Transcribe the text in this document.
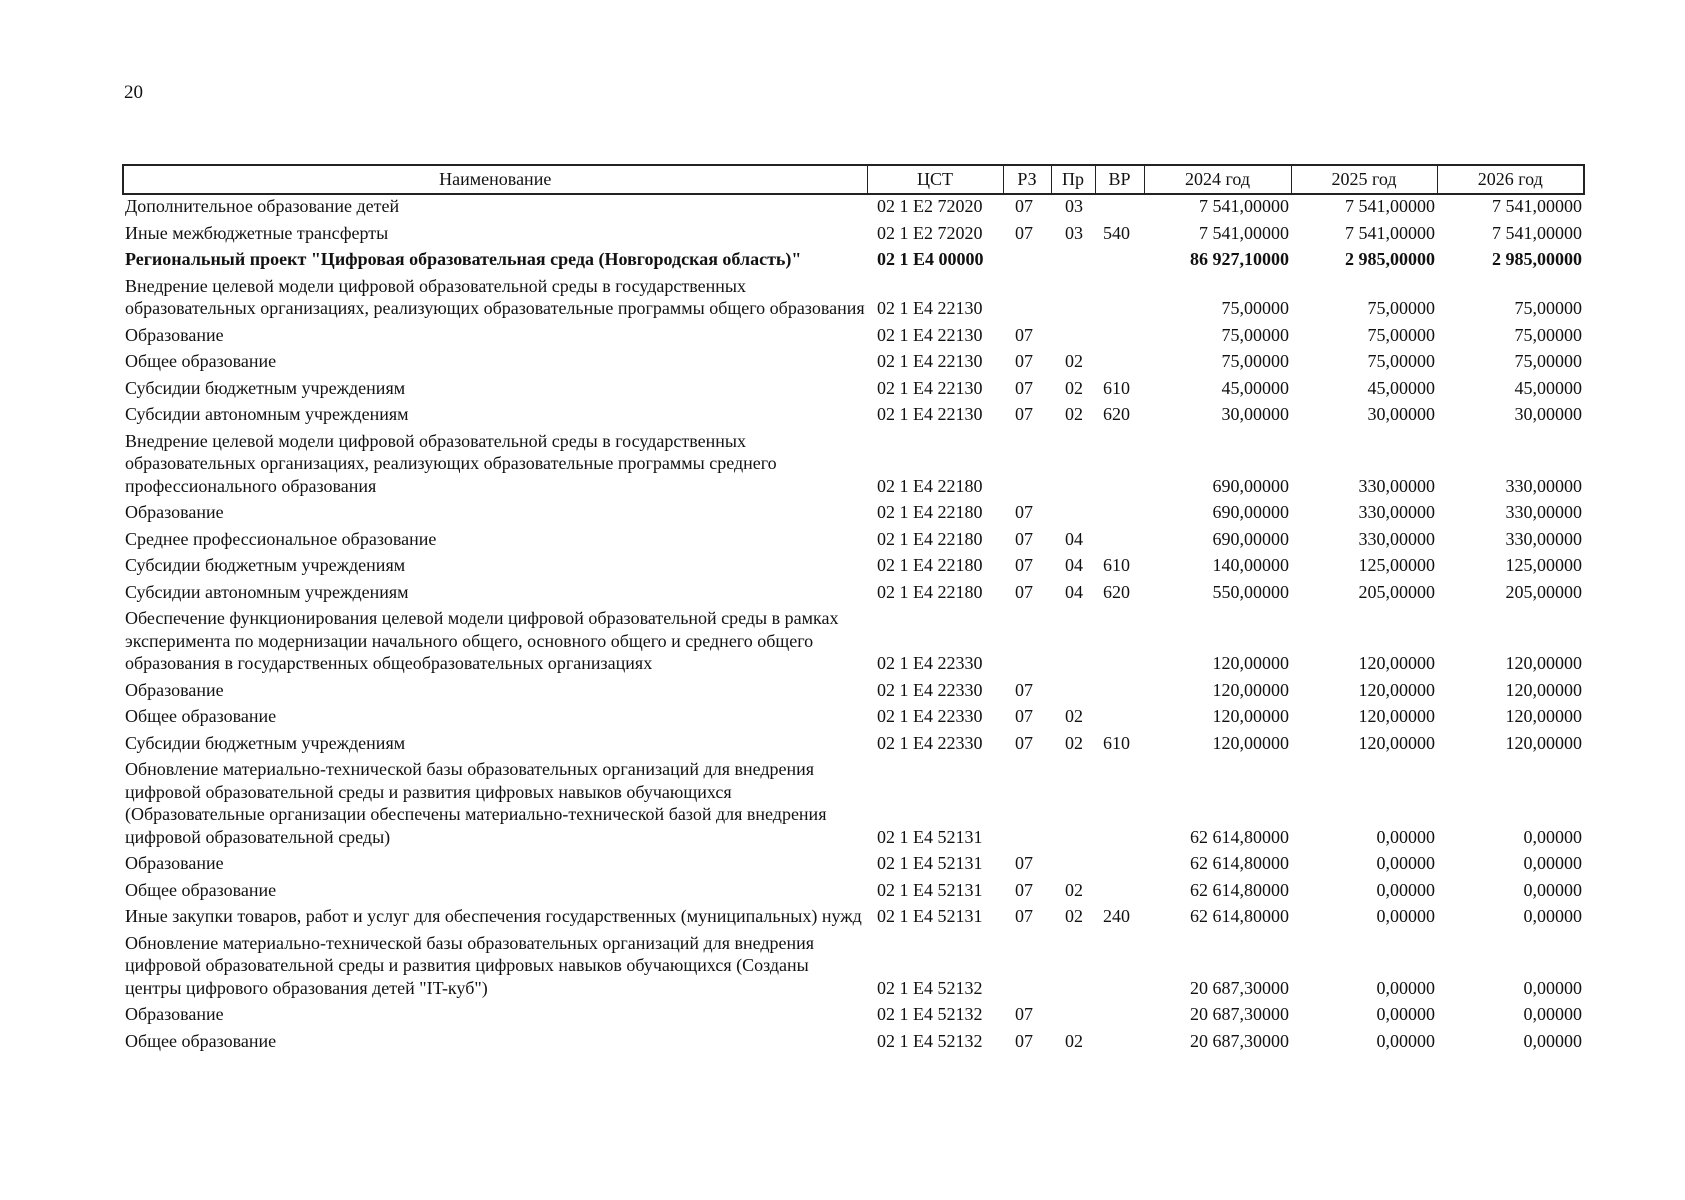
20
Наименование	ЦСТ	РЗ	Пр	ВР	2024 год	2025 год	2026 год
Дополнительное образование детей	02 1 E2 72020	07	03		7 541,00000	7 541,00000	7 541,00000
Иные межбюджетные трансферты	02 1 E2 72020	07	03	540	7 541,00000	7 541,00000	7 541,00000
Региональный проект "Цифровая образовательная среда (Новгородская область)"	02 1 E4 00000				86 927,10000	2 985,00000	2 985,00000
Внедрение целевой модели цифровой образовательной среды в государственных образовательных организациях, реализующих образовательные программы общего образования	02 1 E4 22130				75,00000	75,00000	75,00000
Образование	02 1 E4 22130	07			75,00000	75,00000	75,00000
Общее образование	02 1 E4 22130	07	02		75,00000	75,00000	75,00000
Субсидии бюджетным учреждениям	02 1 E4 22130	07	02	610	45,00000	45,00000	45,00000
Субсидии автономным учреждениям	02 1 E4 22130	07	02	620	30,00000	30,00000	30,00000
Внедрение целевой модели цифровой образовательной среды в государственных образовательных организациях, реализующих образовательные программы среднего профессионального образования	02 1 E4 22180				690,00000	330,00000	330,00000
Образование	02 1 E4 22180	07			690,00000	330,00000	330,00000
Среднее профессиональное образование	02 1 E4 22180	07	04		690,00000	330,00000	330,00000
Субсидии бюджетным учреждениям	02 1 E4 22180	07	04	610	140,00000	125,00000	125,00000
Субсидии автономным учреждениям	02 1 E4 22180	07	04	620	550,00000	205,00000	205,00000
Обеспечение функционирования целевой модели цифровой образовательной среды в рамках эксперимента по модернизации начального общего, основного общего и среднего общего образования в государственных общеобразовательных организациях	02 1 E4 22330				120,00000	120,00000	120,00000
Образование	02 1 E4 22330	07			120,00000	120,00000	120,00000
Общее образование	02 1 E4 22330	07	02		120,00000	120,00000	120,00000
Субсидии бюджетным учреждениям	02 1 E4 22330	07	02	610	120,00000	120,00000	120,00000
Обновление материально-технической базы образовательных организаций для внедрения цифровой образовательной среды и развития цифровых навыков обучающихся (Образовательные организации обеспечены материально-технической базой для внедрения цифровой образовательной среды)	02 1 E4 52131				62 614,80000	0,00000	0,00000
Образование	02 1 E4 52131	07			62 614,80000	0,00000	0,00000
Общее образование	02 1 E4 52131	07	02		62 614,80000	0,00000	0,00000
Иные закупки товаров, работ и услуг для обеспечения государственных (муниципальных) нужд	02 1 E4 52131	07	02	240	62 614,80000	0,00000	0,00000
Обновление материально-технической базы образовательных организаций для внедрения цифровой образовательной среды и развития цифровых навыков обучающихся (Созданы центры цифрового образования детей "IT-куб")	02 1 E4 52132				20 687,30000	0,00000	0,00000
Образование	02 1 E4 52132	07			20 687,30000	0,00000	0,00000
Общее образование	02 1 E4 52132	07	02		20 687,30000	0,00000	0,00000
